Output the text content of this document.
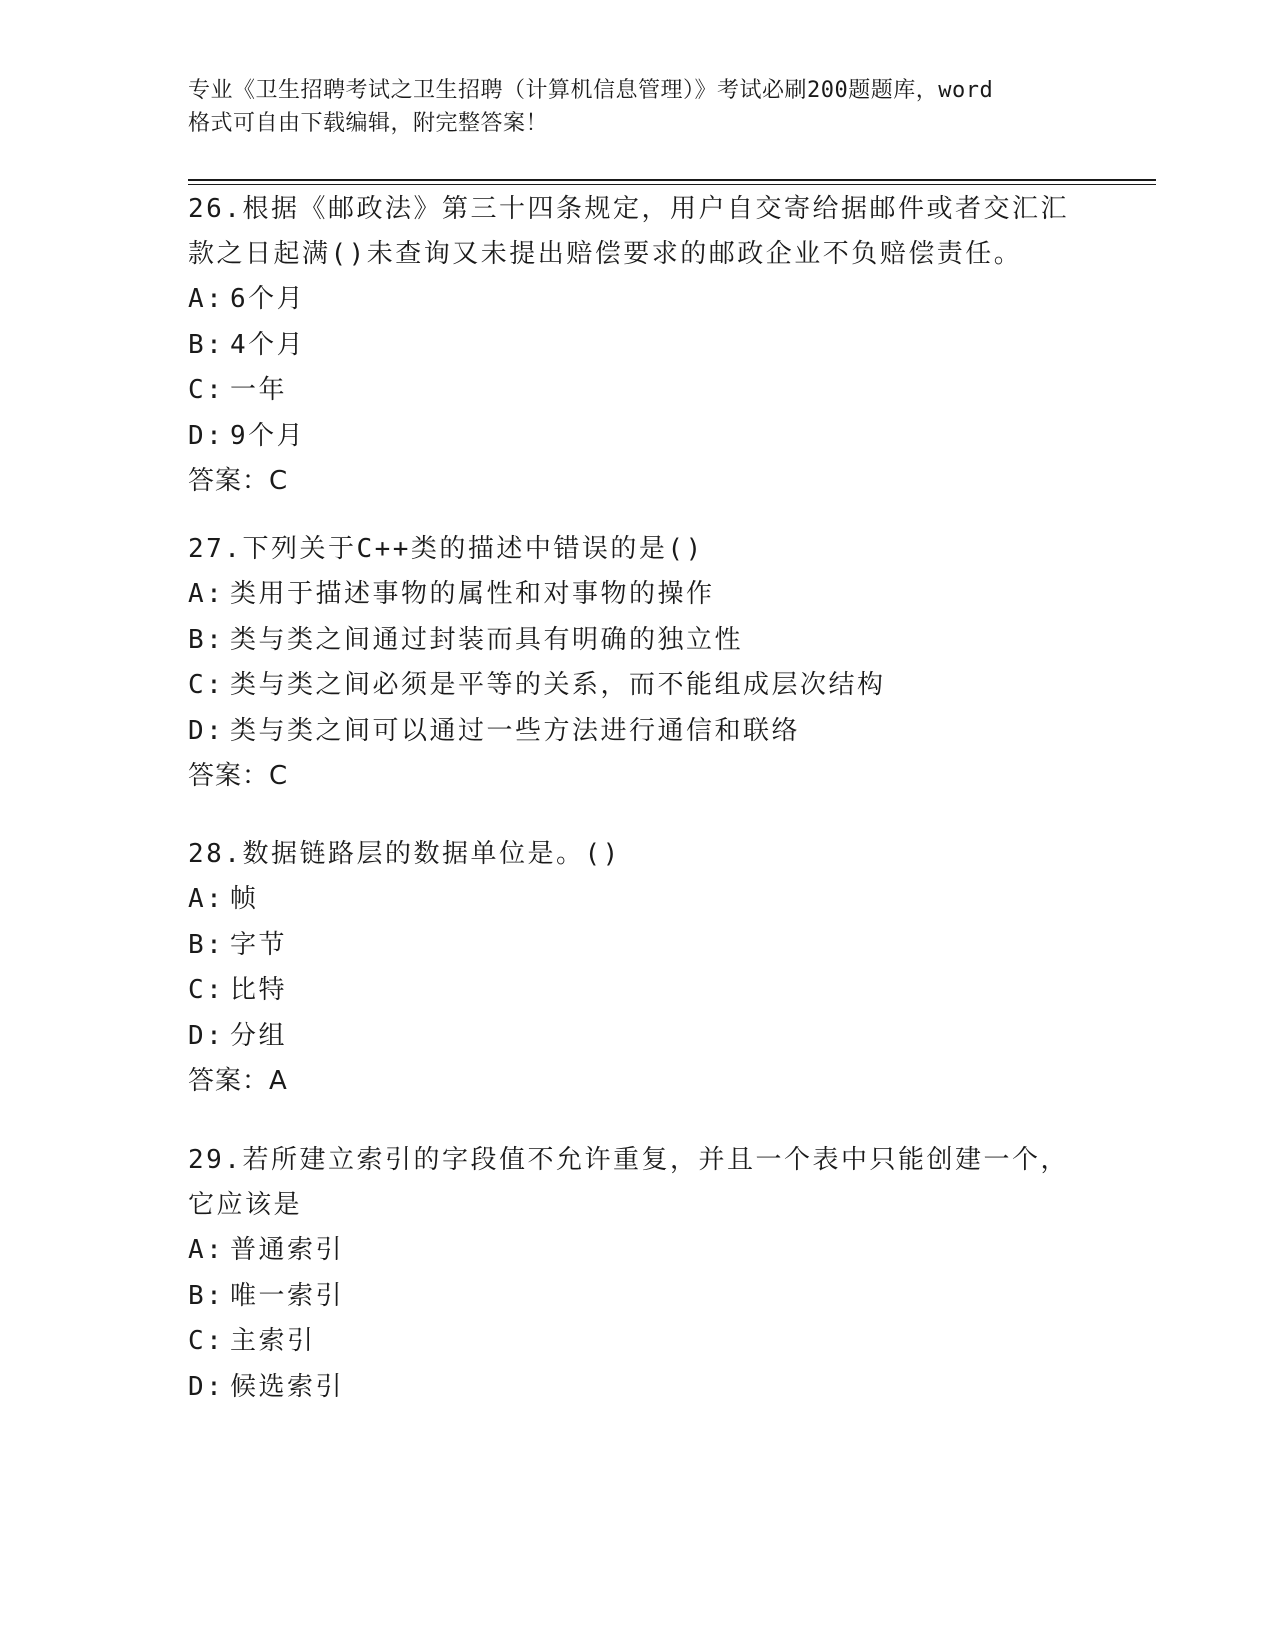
专业《卫生招聘考试之卫生招聘（计算机信息管理）》考试必刷200题题库，word
格式可自由下载编辑，附完整答案！
26.根据《邮政法》第三十四条规定，用户自交寄给据邮件或者交汇汇款之日起满()未查询又未提出赔偿要求的邮政企业不负赔偿责任。
A: 6个月
B: 4个月
C: 一年
D: 9个月
答案：C
27.下列关于C++类的描述中错误的是()
A: 类用于描述事物的属性和对事物的操作
B: 类与类之间通过封装而具有明确的独立性
C: 类与类之间必须是平等的关系，而不能组成层次结构
D: 类与类之间可以通过一些方法进行通信和联络
答案：C
28.数据链路层的数据单位是。()
A: 帧
B: 字节
C: 比特
D: 分组
答案：A
29.若所建立索引的字段值不允许重复，并且一个表中只能创建一个，它应该是
A: 普通索引
B: 唯一索引
C: 主索引
D: 候选索引
